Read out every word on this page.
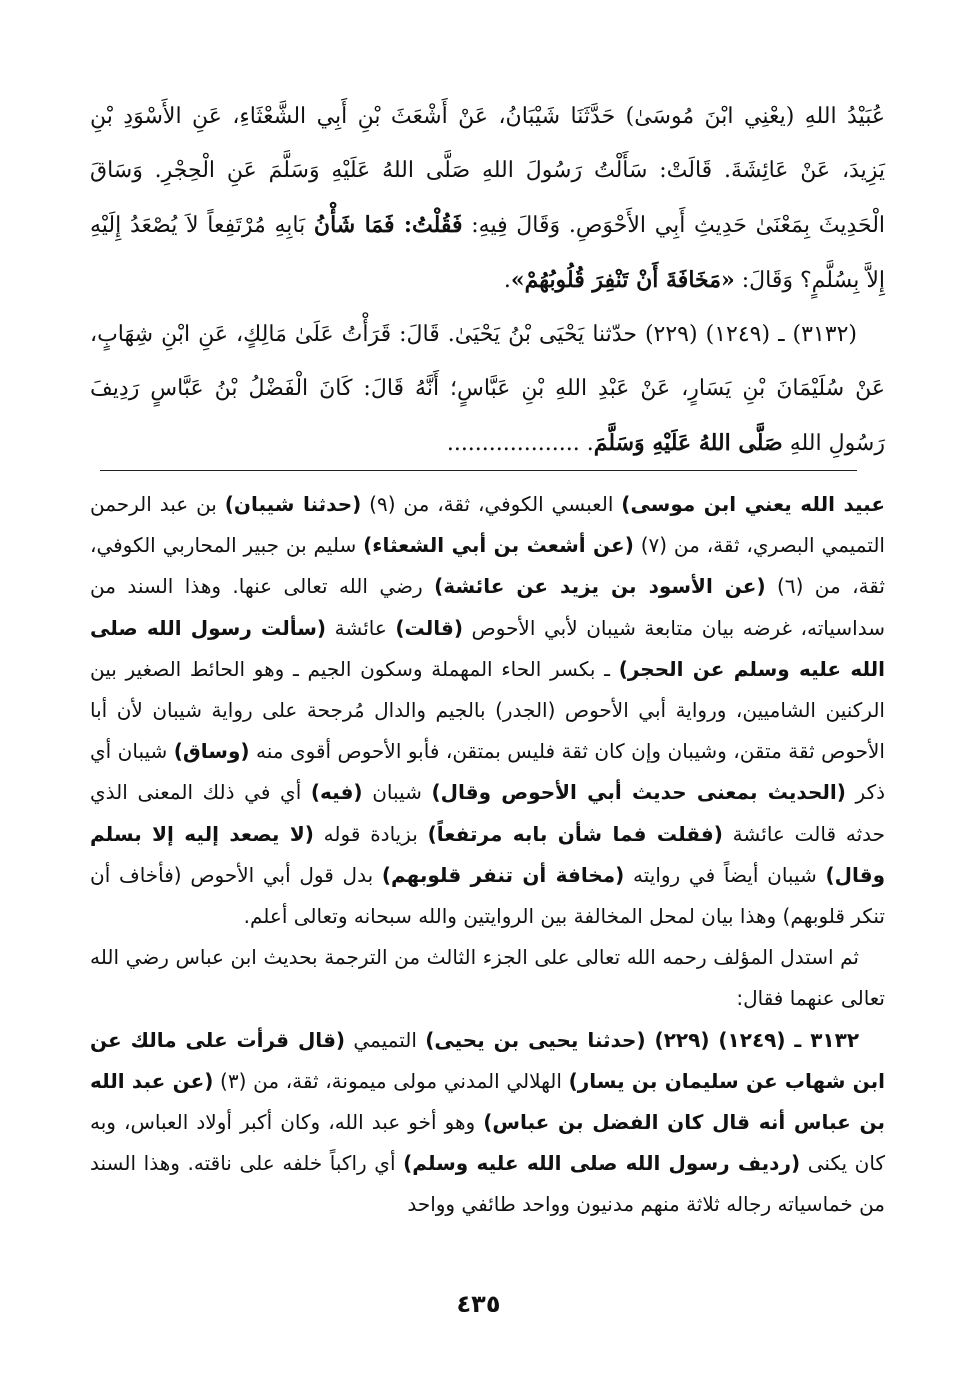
عُبَيْدُ اللهِ (يعْنِي ابْنَ مُوسَىٰ) حَدَّثَنَا شَيْبَانُ، عَنْ أَشْعَثَ بْنِ أَبِي الشَّعْثَاءِ، عَنِ الأَسْوَدِ بْنِ يَزِيدَ، عَنْ عَائِشَةَ. قَالَتْ: سَأَلْتُ رَسُولَ اللهِ صَلَّى اللهُ عَلَيْهِ وَسَلَّمَ عَنِ الْحِجْرِ. وَسَاقَ الْحَدِيثَ بِمَعْنَىٰ حَدِيثِ أَبِي الأَحْوَصِ. وَقَالَ فِيهِ: فَقُلْتُ: فَمَا شَأْنُ بَابِهِ مُرْتَفِعاً لاَ يُصْعَدُ إِلَيْهِ إِلاَّ بِسُلَّمٍ؟ وَقَالَ: «مَخَافَةَ أَنْ تَنْفِرَ قُلُوبُهُمْ».

(٣١٣٢) ـ (١٢٤٩) (٢٢٩) حدّثنا يَحْيَى بْنُ يَحْيَىٰ. قَالَ: قَرَأْتُ عَلَىٰ مَالِكٍ، عَنِ ابْنِ شِهَابٍ، عَنْ سُلَيْمَانَ بْنِ يَسَارٍ، عَنْ عَبْدِ اللهِ بْنِ عَبَّاسٍ؛ أَنَّهُ قَالَ: كَانَ الْفَضْلُ بْنُ عَبَّاسٍ رَدِيفَ رَسُولِ اللهِ صَلَّى اللهُ عَلَيْهِ وَسَلَّمَ. ...................

عبيد الله يعني ابن موسى) العبسي الكوفي، ثقة، من (٩) (حدثنا شيبان) بن عبد الرحمن التميمي البصري، ثقة، من (٧) (عن أشعث بن أبي الشعثاء) سليم بن جبير المحاربي الكوفي، ثقة، من (٦) (عن الأسود بن يزيد عن عائشة) رضي الله تعالى عنها. وهذا السند من سداسياته، غرضه بيان متابعة شيبان لأبي الأحوص (قالت) عائشة (سألت رسول الله صلى الله عليه وسلم عن الحجر) ـ بكسر الحاء المهملة وسكون الجيم ـ وهو الحائط الصغير بين الركنين الشاميين، ورواية أبي الأحوص (الجدر) بالجيم والدال مُرجحة على رواية شيبان لأن أبا الأحوص ثقة متقن، وشيبان وإن كان ثقة فليس بمتقن، فأبو الأحوص أقوى منه (وساق) شيبان أي ذكر (الحديث بمعنى حديث أبي الأحوص وقال) شيبان (فيه) أي في ذلك المعنى الذي حدثه قالت عائشة (فقلت فما شأن بابه مرتفعاً) بزيادة قوله (لا يصعد إليه إلا بسلم وقال) شيبان أيضاً في روايته (مخافة أن تنفر قلوبهم) بدل قول أبي الأحوص (فأخاف أن تنكر قلوبهم) وهذا بيان لمحل المخالفة بين الروايتين والله سبحانه وتعالى أعلم.

ثم استدل المؤلف رحمه الله تعالى على الجزء الثالث من الترجمة بحديث ابن عباس رضي الله تعالى عنهما فقال:

٣١٣٢ ـ (١٢٤٩) (٢٢٩) (حدثنا يحيى بن يحيى) التميمي (قال قرأت على مالك عن ابن شهاب عن سليمان بن يسار) الهلالي المدني مولى ميمونة، ثقة، من (٣) (عن عبد الله بن عباس أنه قال كان الفضل بن عباس) وهو أخو عبد الله، وكان أكبر أولاد العباس، وبه كان يكنى (رديف رسول الله صلى الله عليه وسلم) أي راكباً خلفه على ناقته. وهذا السند من خماسياته رجاله ثلاثة منهم مدنيون وواحد طائفي وواحد

٤٣٥
